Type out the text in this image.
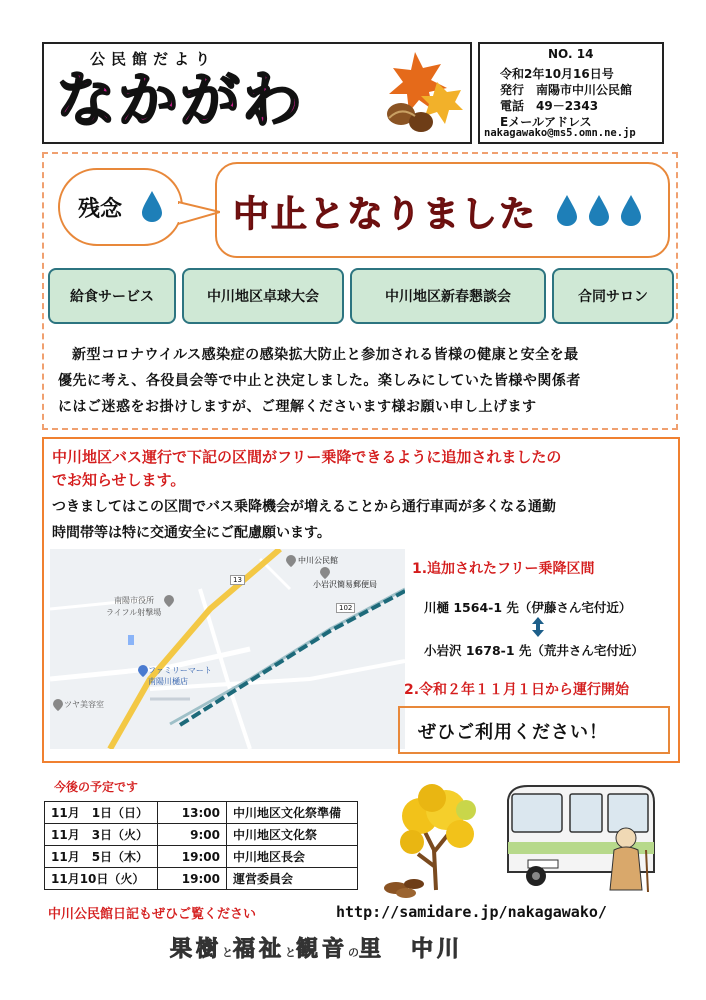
公民館だより
なかがわ
NO. 14
令和2年10月16日号
発行　南陽市中川公民館
電話　49－2343
Eメールアドレス
nakagawako@ms5.omn.ne.jp
残念	中止となりました
給食サービス	中川地区卓球大会	中川地区新春懇談会	合同サロン
新型コロナウイルス感染症の感染拡大防止と参加される皆様の健康と安全を最
優先に考え、各役員会等で中止と決定しました。楽しみにしていた皆様や関係者
にはご迷惑をお掛けしますが、ご理解くださいます様お願い申し上げます
中川地区バス運行で下記の区間がフリー乗降できるように追加されましたの
でお知らせします。
つきましてはこの区間でバス乗降機会が増えることから通行車両が多くなる通勤
時間帯等は特に交通安全にご配慮願います。
中川公民館
小岩沢簡易郵便局
南陽市役所
ライフル射撃場
ファミリーマート
南陽川樋店
ツヤ美容室
13
102
1.追加されたフリー乗降区間
川樋 1564-1 先（伊藤さん宅付近）
小岩沢 1678-1 先（荒井さん宅付近）
2.令和２年１１月１日から運行開始
ぜひご利用ください！
今後の予定です
11月　1日（日）	13:00	中川地区文化祭準備
11月　3日（火）	9:00	中川地区文化祭
11月　5日（木）	19:00	中川地区長会
11月10日（火）	19:00	運営委員会
中川公民館日記もぜひご覧ください	http://samidare.jp/nakagawako/
果樹と福祉と観音の里　中川
